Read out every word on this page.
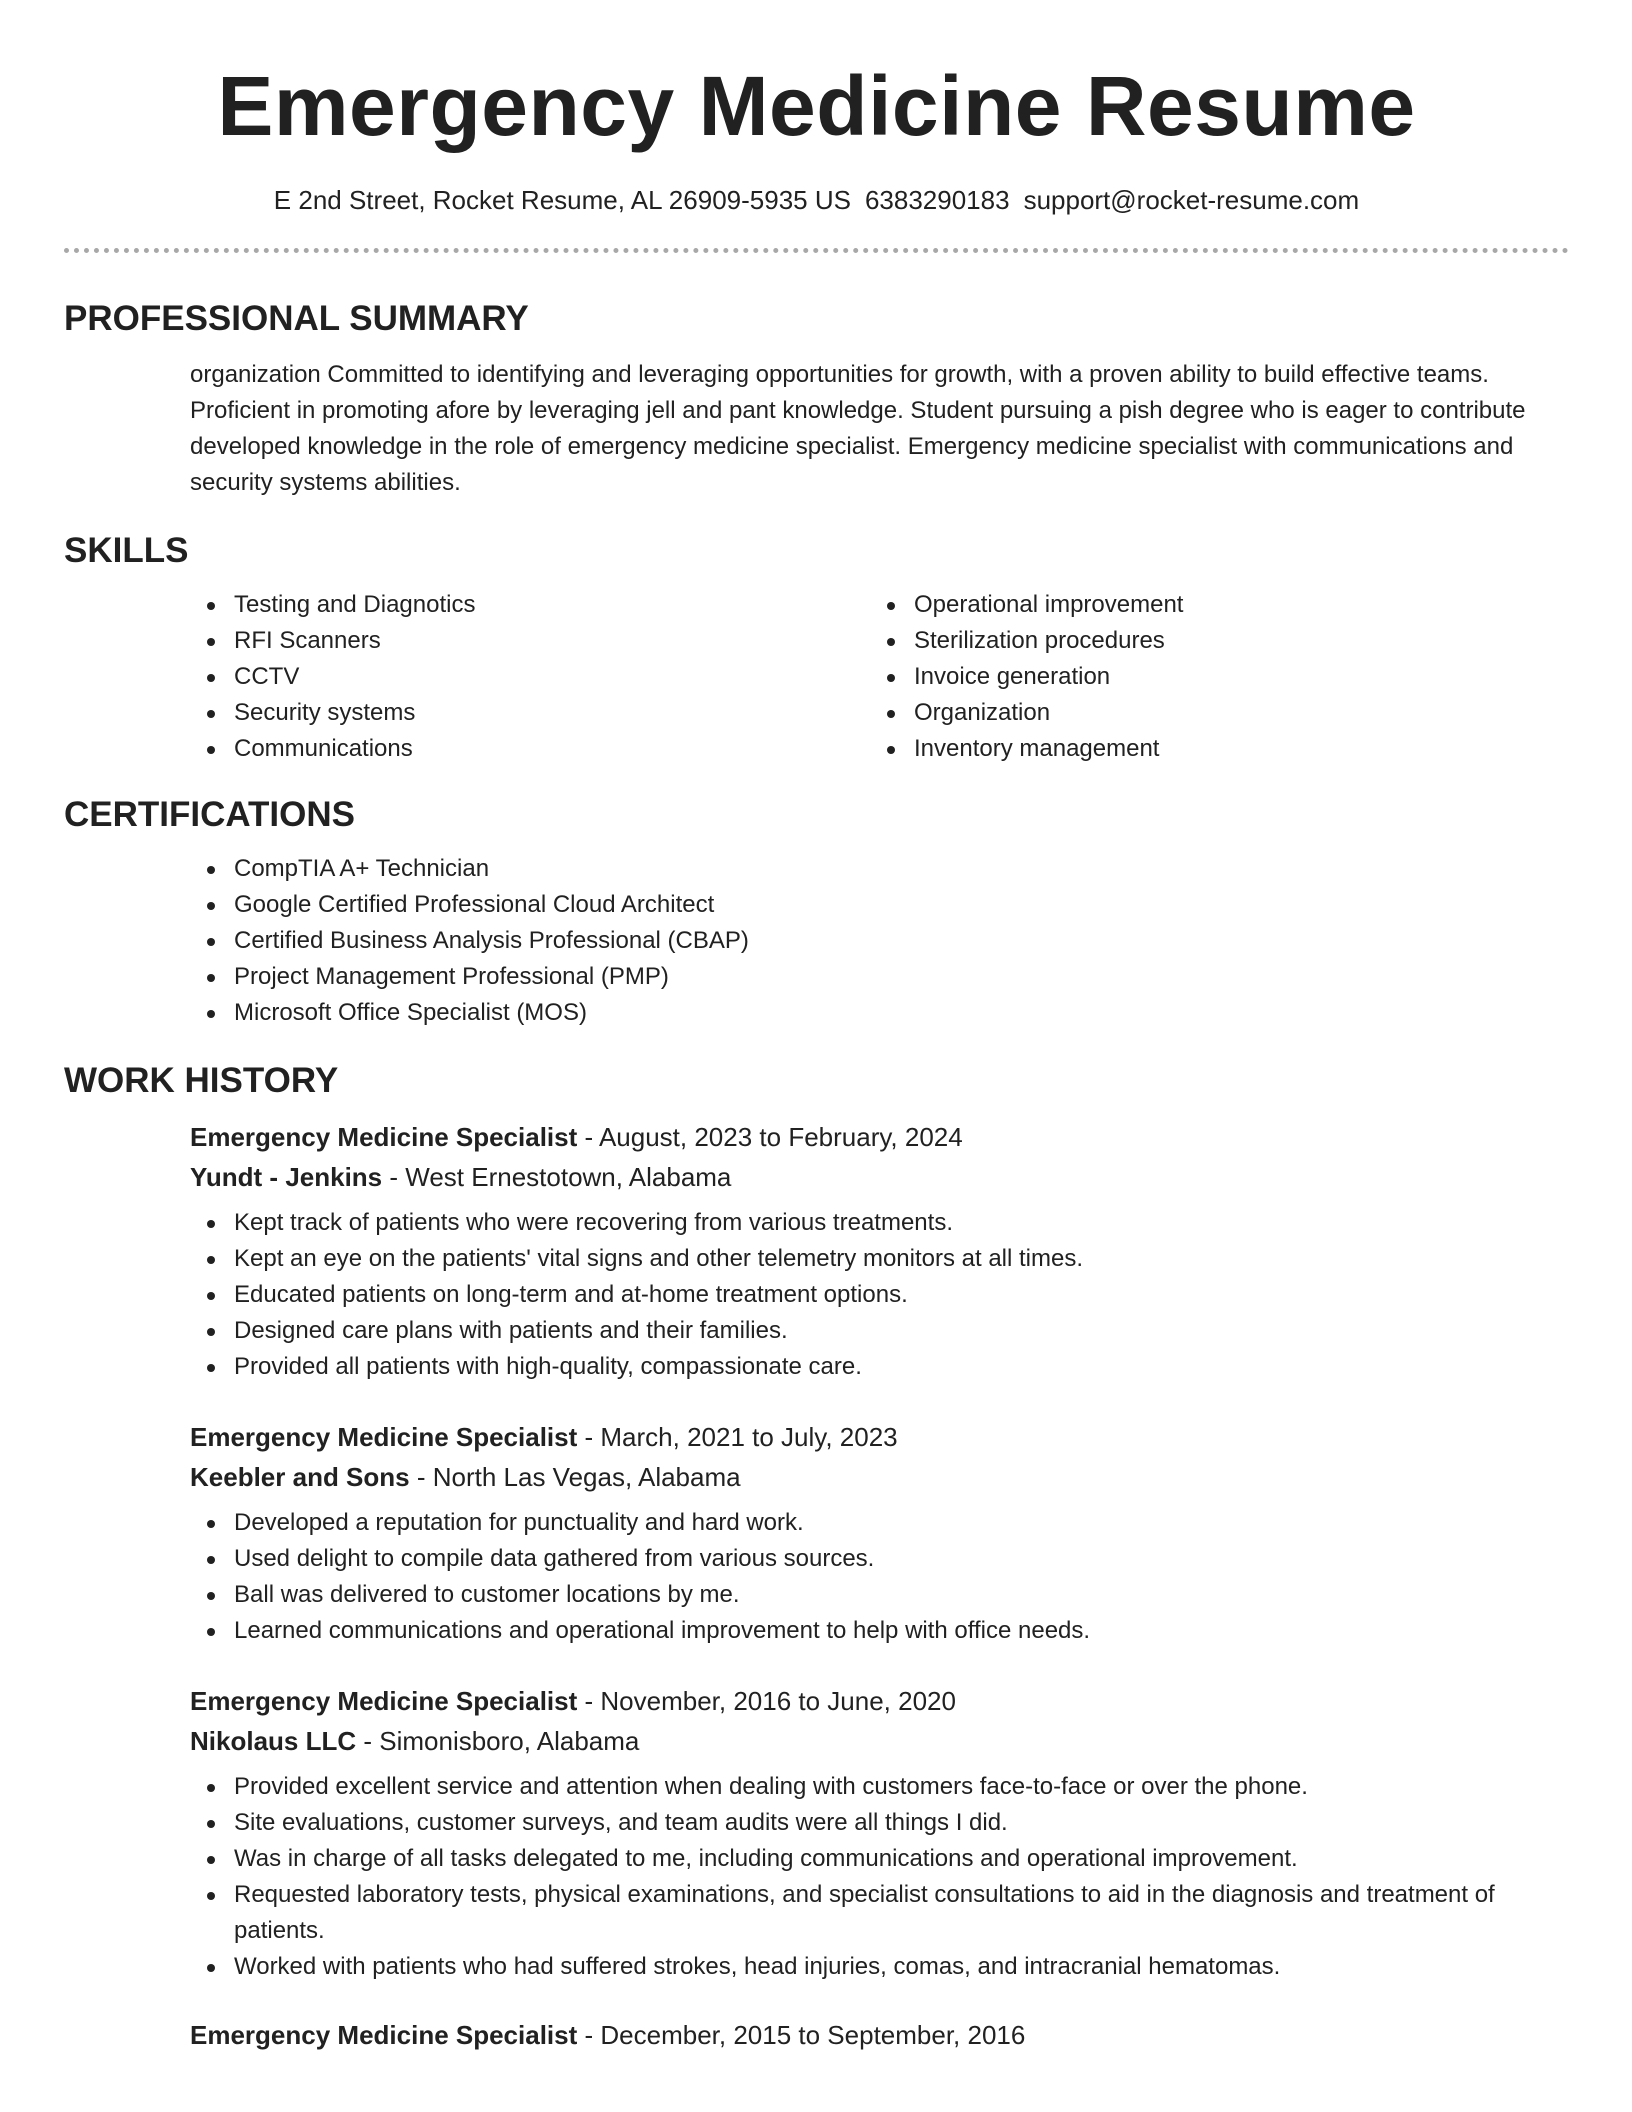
Emergency Medicine Resume
E 2nd Street, Rocket Resume, AL 26909-5935 US 6383290183 support@rocket-resume.com
PROFESSIONAL SUMMARY

organization Committed to identifying and leveraging opportunities for growth, with a proven ability to build effective teams. Proficient in promoting afore by leveraging jell and pant knowledge. Student pursuing a pish degree who is eager to contribute developed knowledge in the role of emergency medicine specialist. Emergency medicine specialist with communications and security systems abilities.

SKILLS
Testing and Diagnotics
RFI Scanners
CCTV
Security systems
Communications
Operational improvement
Sterilization procedures
Invoice generation
Organization
Inventory management
CERTIFICATIONS
CompTIA A+ Technician
Google Certified Professional Cloud Architect
Certified Business Analysis Professional (CBAP)
Project Management Professional (PMP)
Microsoft Office Specialist (MOS)
WORK HISTORY
Emergency Medicine Specialist - August, 2023 to February, 2024
Yundt - Jenkins - West Ernestotown, Alabama
Kept track of patients who were recovering from various treatments.
Kept an eye on the patients' vital signs and other telemetry monitors at all times.
Educated patients on long-term and at-home treatment options.
Designed care plans with patients and their families.
Provided all patients with high-quality, compassionate care.
Emergency Medicine Specialist - March, 2021 to July, 2023
Keebler and Sons - North Las Vegas, Alabama
Developed a reputation for punctuality and hard work.
Used delight to compile data gathered from various sources.
Ball was delivered to customer locations by me.
Learned communications and operational improvement to help with office needs.
Emergency Medicine Specialist - November, 2016 to June, 2020
Nikolaus LLC - Simonisboro, Alabama
Provided excellent service and attention when dealing with customers face-to-face or over the phone.
Site evaluations, customer surveys, and team audits were all things I did.
Was in charge of all tasks delegated to me, including communications and operational improvement.
Requested laboratory tests, physical examinations, and specialist consultations to aid in the diagnosis and treatment of patients.
Worked with patients who had suffered strokes, head injuries, comas, and intracranial hematomas.
Emergency Medicine Specialist - December, 2015 to September, 2016
